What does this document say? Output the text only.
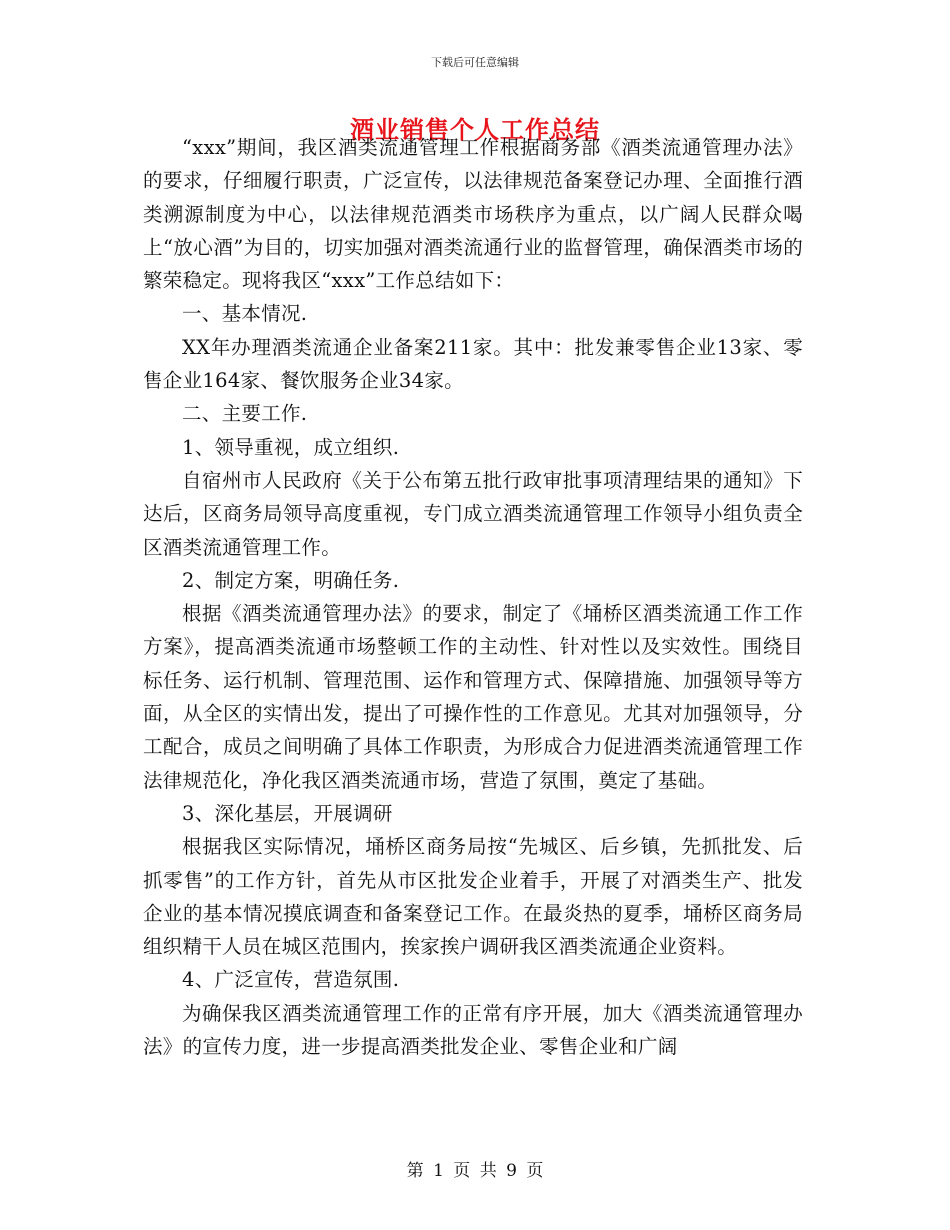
下载后可任意编辑
酒业销售个人工作总结

“xxx”期间，我区酒类流通管理工作根据商务部《酒类流通管理办法》的要求，仔细履行职责，广泛宣传，以法律规范备案登记办理、全面推行酒类溯源制度为中心，以法律规范酒类市场秩序为重点，以广阔人民群众喝上“放心酒”为目的，切实加强对酒类流通行业的监督管理，确保酒类市场的繁荣稳定。现将我区“xxx”工作总结如下：

一、基本情况.

XX年办理酒类流通企业备案211家。其中：批发兼零售企业13家、零售企业164家、餐饮服务企业34家。

二、主要工作.

1、领导重视，成立组织.

自宿州市人民政府《关于公布第五批行政审批事项清理结果的通知》下达后，区商务局领导高度重视，专门成立酒类流通管理工作领导小组负责全区酒类流通管理工作。

2、制定方案，明确任务.

根据《酒类流通管理办法》的要求，制定了《埇桥区酒类流通工作工作方案》，提高酒类流通市场整顿工作的主动性、针对性以及实效性。围绕目标任务、运行机制、管理范围、运作和管理方式、保障措施、加强领导等方面，从全区的实情出发，提出了可操作性的工作意见。尤其对加强领导，分工配合，成员之间明确了具体工作职责，为形成合力促进酒类流通管理工作法律规范化，净化我区酒类流通市场，营造了氛围，奠定了基础。

3、深化基层，开展调研

根据我区实际情况，埇桥区商务局按“先城区、后乡镇，先抓批发、后抓零售”的工作方针，首先从市区批发企业着手，开展了对酒类生产、批发企业的基本情况摸底调查和备案登记工作。在最炎热的夏季，埇桥区商务局组织精干人员在城区范围内，挨家挨户调研我区酒类流通企业资料。

4、广泛宣传，营造氛围.

为确保我区酒类流通管理工作的正常有序开展，加大《酒类流通管理办法》的宣传力度，进一步提高酒类批发企业、零售企业和广阔

第 1 页 共 9 页
